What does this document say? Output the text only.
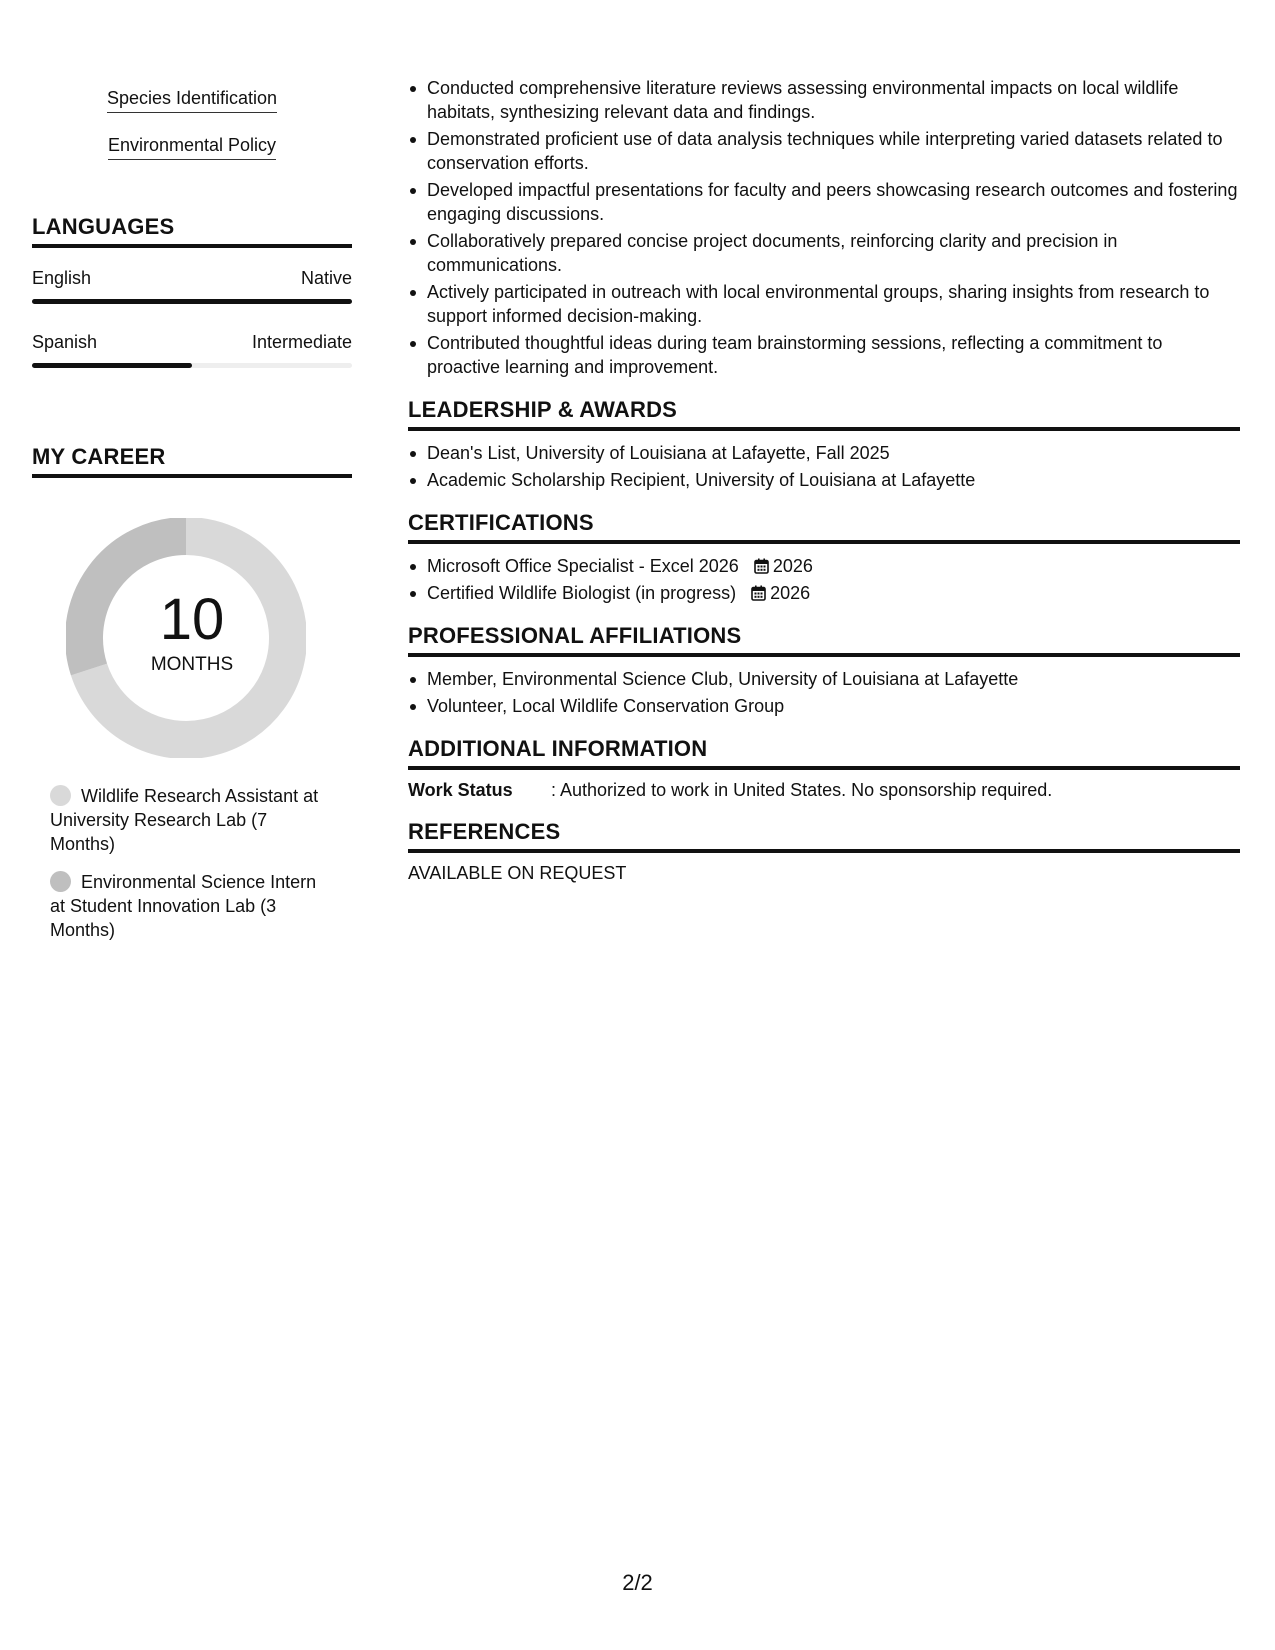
Species Identification
Environmental Policy
LANGUAGES
English	Native
Spanish	Intermediate
MY CAREER
10
MONTHS
Wildlife Research Assistant at University Research Lab (7 Months)
Environmental Science Intern at Student Innovation Lab (3 Months)
Conducted comprehensive literature reviews assessing environmental impacts on local wildlife habitats, synthesizing relevant data and findings.
Demonstrated proficient use of data analysis techniques while interpreting varied datasets related to conservation efforts.
Developed impactful presentations for faculty and peers showcasing research outcomes and fostering engaging discussions.
Collaboratively prepared concise project documents, reinforcing clarity and precision in communications.
Actively participated in outreach with local environmental groups, sharing insights from research to support informed decision-making.
Contributed thoughtful ideas during team brainstorming sessions, reflecting a commitment to proactive learning and improvement.
LEADERSHIP & AWARDS
Dean's List, University of Louisiana at Lafayette, Fall 2025
Academic Scholarship Recipient, University of Louisiana at Lafayette
CERTIFICATIONS
Microsoft Office Specialist - Excel 2026 2026
Certified Wildlife Biologist (in progress) 2026
PROFESSIONAL AFFILIATIONS
Member, Environmental Science Club, University of Louisiana at Lafayette
Volunteer, Local Wildlife Conservation Group
ADDITIONAL INFORMATION
Work Status	: Authorized to work in United States. No sponsorship required.
REFERENCES
AVAILABLE ON REQUEST
2/2
